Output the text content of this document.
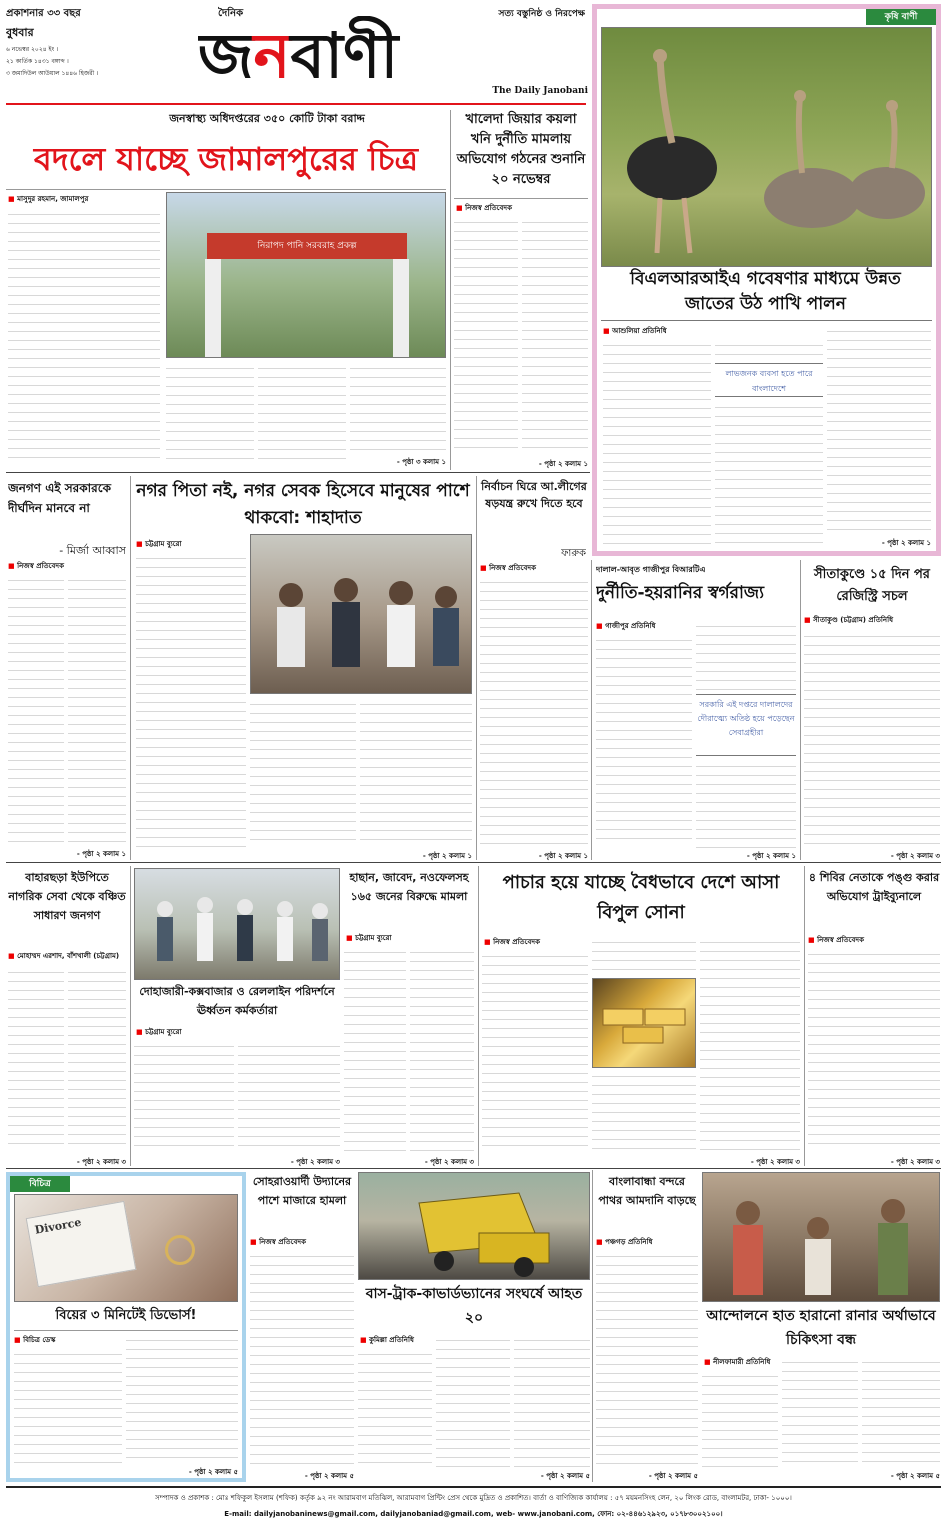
প্রকাশনার ৩৩ বছর
বুধবার
৬ নভেম্বর ২০২৪ ইং ।
২১ কার্তিক ১৪৩১ বঙ্গাব্দ ।
৩ জমাদিউল আউয়াল ১৪৪৬ হিজরী ।
দৈনিক	সত্য বস্তুনিষ্ঠ ও নিরপেক্ষ
জনবাণী	The Daily Janobani
কৃষি বাণী
বিএলআরআইএ গবেষণার মাধ্যমে উন্নত জাতের উঠ পাখি পালন
■ আশুলিয়া প্রতিনিধি
লাভজনক ব্যবসা হতে পারে বাংলাদেশে
- পৃষ্ঠা ২ কলাম ১
জনস্বাস্থ্য অধিদপ্তরের ৩৫০ কোটি টাকা বরাদ্দ
বদলে যাচ্ছে জামালপুরের চিত্র
■ মাসুদুর রহমান, জামালপুর
নিরাপদ পানি সরবরাহ প্রকল্প
- পৃষ্ঠা ৩ কলাম ১
খালেদা জিয়ার কয়লা খনি দুর্নীতি মামলায় অভিযোগ গঠনের শুনানি ২০ নভেম্বর
■ নিজস্ব প্রতিবেদক
- পৃষ্ঠা ২ কলাম ১
জনগণ এই সরকারকে দীর্ঘদিন মানবে না
- মির্জা আব্বাস
■ নিজস্ব প্রতিবেদক
- পৃষ্ঠা ২ কলাম ১
নগর পিতা নই, নগর সেবক হিসেবে মানুষের পাশে থাকবো: শাহাদাত
■ চট্টগ্রাম ব্যুরো
- পৃষ্ঠা ২ কলাম ১
নির্বাচন ঘিরে আ.লীগের ষড়যন্ত্র রুখে দিতে হবে
ফারুক
■ নিজস্ব প্রতিবেদক
- পৃষ্ঠা ২ কলাম ১
দালাল-আবৃত গাজীপুর বিআরটিএ
দুর্নীতি-হয়রানির স্বর্গরাজ্য
■ গাজীপুর প্রতিনিধি
সরকারি এই দপ্তরে দালালদের দৌরাত্ম্যে অতিষ্ঠ হয়ে পড়েছেন সেবাগ্রহীরা
- পৃষ্ঠা ২ কলাম ১
সীতাকুণ্ডে ১৫ দিন পর রেজিস্ট্রি সচল
■ সীতাকুণ্ড (চট্টগ্রাম) প্রতিনিধি
- পৃষ্ঠা ২ কলাম ৩
বাহারছড়া ইউপিতে নাগরিক সেবা থেকে বঞ্চিত সাধারণ জনগণ
■ মোহাম্মদ এরশাদ, বাঁশখালী (চট্টগ্রাম)
- পৃষ্ঠা ২ কলাম ৩
দোহাজারী-কক্সবাজার ও রেললাইন পরিদর্শনে ঊর্ধ্বতন কর্মকর্তারা
হাছান, জাবেদ, নওফেলসহ ১৬৫ জনের বিরুদ্ধে মামলা
■ চট্টগ্রাম ব্যুরো
- পৃষ্ঠা ২ কলাম ৩
■ চট্টগ্রাম ব্যুরো
- পৃষ্ঠা ২ কলাম ৩
পাচার হয়ে যাচ্ছে বৈধভাবে দেশে আসা বিপুল সোনা
■ নিজস্ব প্রতিবেদক
- পৃষ্ঠা ২ কলাম ৩
৪ শিবির নেতাকে পঙ্গু করার অভিযোগ ট্রাইব্যুনালে
■ নিজস্ব প্রতিবেদক
- পৃষ্ঠা ২ কলাম ৩
বিচিত্র
Divorce
বিয়ের ৩ মিনিটেই ডিভোর্স!
■ বিচিত্র ডেস্ক
- পৃষ্ঠা ২ কলাম ৫
সোহরাওয়ার্দী উদ্যানের পাশে মাজারে হামলা
■ নিজস্ব প্রতিবেদক
- পৃষ্ঠা ২ কলাম ৫
বাস-ট্রাক-কাভার্ডভ্যানের সংঘর্ষে আহত ২০
■ কুমিল্লা প্রতিনিধি
- পৃষ্ঠা ২ কলাম ৫
বাংলাবান্ধা বন্দরে পাথর আমদানি বাড়ছে
■ পঞ্চগড় প্রতিনিধি
- পৃষ্ঠা ২ কলাম ৫
আন্দোলনে হাত হারানো রানার অর্থাভাবে চিকিৎসা বন্ধ
■ নীলফামারী প্রতিনিধি
- পৃষ্ঠা ২ কলাম ৫
সম্পাদক ও প্রকাশক : মোঃ শফিকুল ইসলাম (শফিক) কর্তৃক ৯২ নং আরামবাগ মতিঝিল, আরামবাগ প্রিন্টিং প্রেস থেকে মুদ্রিত ও প্রকাশিত। বার্তা ও বাণিজ্যিক কার্যালয় : ৫৭ ময়মনসিংহ লেন, ২০ লিংক রোড, বাংলামটর, ঢাকা- ১০০০।
E-mail: dailyjanobaninews@gmail.com, dailyjanobaniad@gmail.com, web- www.janobani.com, ফোন: ০২-৪৪৬১২৯২৩, ০১৭৮৩০০২১০০।
